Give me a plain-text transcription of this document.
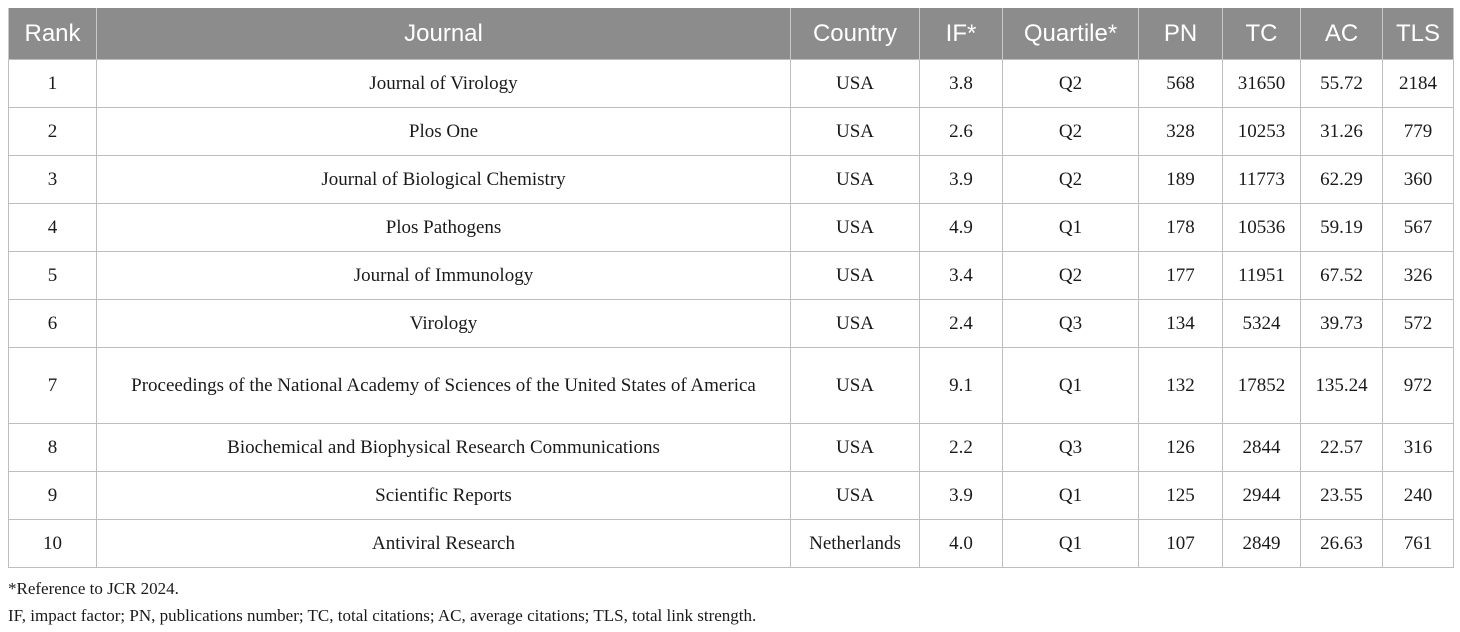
Rank	Journal	Country	IF*	Quartile*	PN	TC	AC	TLS
1	Journal of Virology	USA	3.8	Q2	568	31650	55.72	2184
2	Plos One	USA	2.6	Q2	328	10253	31.26	779
3	Journal of Biological Chemistry	USA	3.9	Q2	189	11773	62.29	360
4	Plos Pathogens	USA	4.9	Q1	178	10536	59.19	567
5	Journal of Immunology	USA	3.4	Q2	177	11951	67.52	326
6	Virology	USA	2.4	Q3	134	5324	39.73	572
7	Proceedings of the National Academy of Sciences of the United States of America	USA	9.1	Q1	132	17852	135.24	972
8	Biochemical and Biophysical Research Communications	USA	2.2	Q3	126	2844	22.57	316
9	Scientific Reports	USA	3.9	Q1	125	2944	23.55	240
10	Antiviral Research	Netherlands	4.0	Q1	107	2849	26.63	761
*Reference to JCR 2024.
IF, impact factor; PN, publications number; TC, total citations; AC, average citations; TLS, total link strength.
